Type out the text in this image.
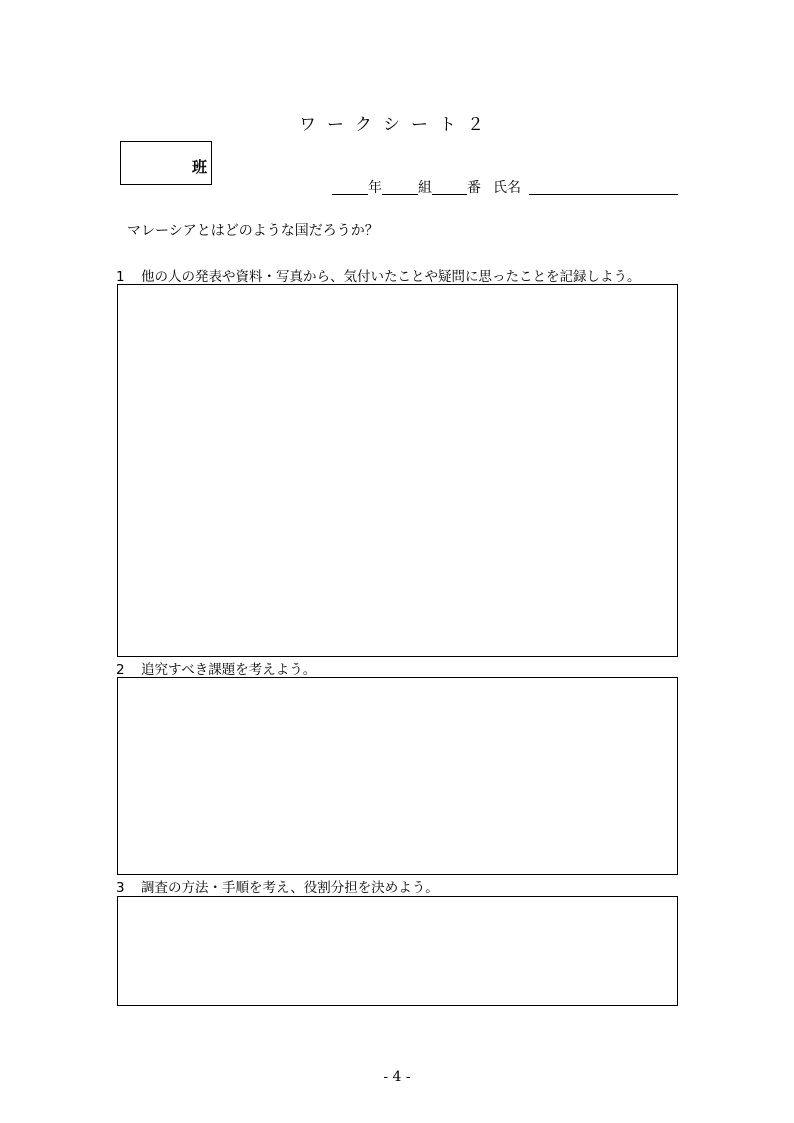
ワークシート２
班
年	組	番 氏名
マレーシアとはどのような国だろうか？
1 他の人の発表や資料・写真から、気付いたことや疑問に思ったことを記録しよう。
2 追究すべき課題を考えよう。
3 調査の方法・手順を考え、役割分担を決めよう。
- 4 -
